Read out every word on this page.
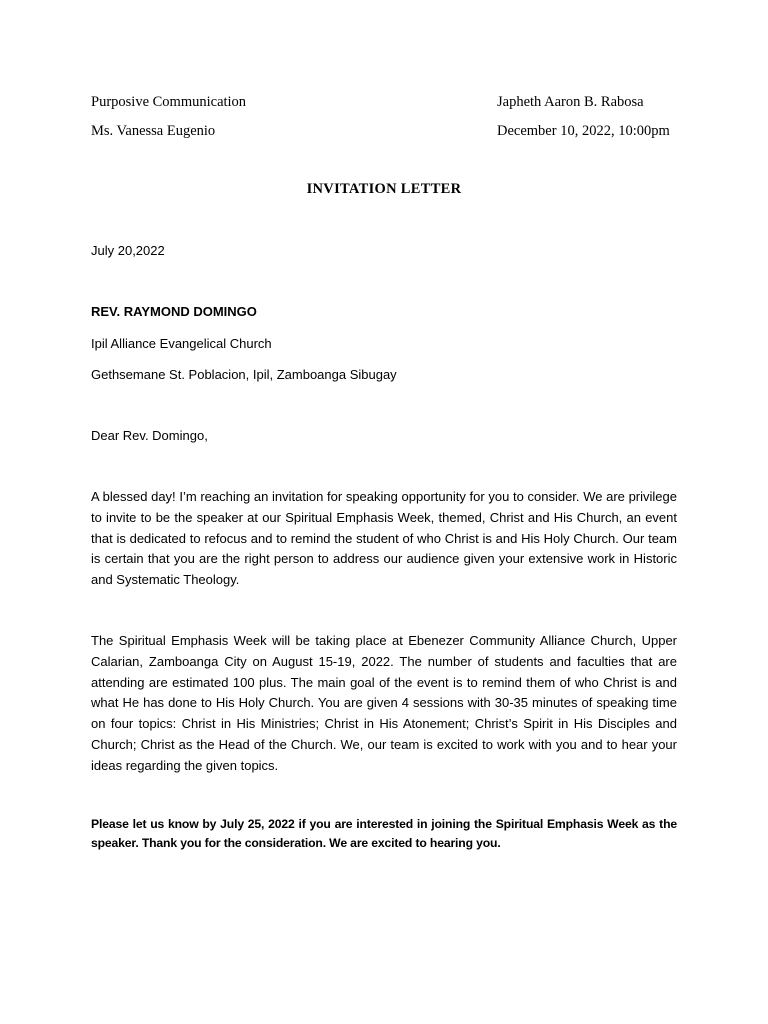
Purposive Communication	Japheth Aaron B. Rabosa
Ms. Vanessa Eugenio	December 10, 2022, 10:00pm
INVITATION LETTER
July 20,2022
REV. RAYMOND DOMINGO
Ipil Alliance Evangelical Church
Gethsemane St. Poblacion, Ipil, Zamboanga Sibugay
Dear Rev. Domingo,

A blessed day! I’m reaching an invitation for speaking opportunity for you to consider. We are privilege to invite to be the speaker at our Spiritual Emphasis Week, themed, Christ and His Church, an event that is dedicated to refocus and to remind the student of who Christ is and His Holy Church. Our team is certain that you are the right person to address our audience given your extensive work in Historic and Systematic Theology.

The Spiritual Emphasis Week will be taking place at Ebenezer Community Alliance Church, Upper Calarian, Zamboanga City on August 15-19, 2022. The number of students and faculties that are attending are estimated 100 plus. The main goal of the event is to remind them of who Christ is and what He has done to His Holy Church. You are given 4 sessions with 30-35 minutes of speaking time on four topics: Christ in His Ministries; Christ in His Atonement; Christ’s Spirit in His Disciples and Church; Christ as the Head of the Church. We, our team is excited to work with you and to hear your ideas regarding the given topics.

Please let us know by July 25, 2022 if you are interested in joining the Spiritual Emphasis Week as the speaker. Thank you for the consideration. We are excited to hearing you.
